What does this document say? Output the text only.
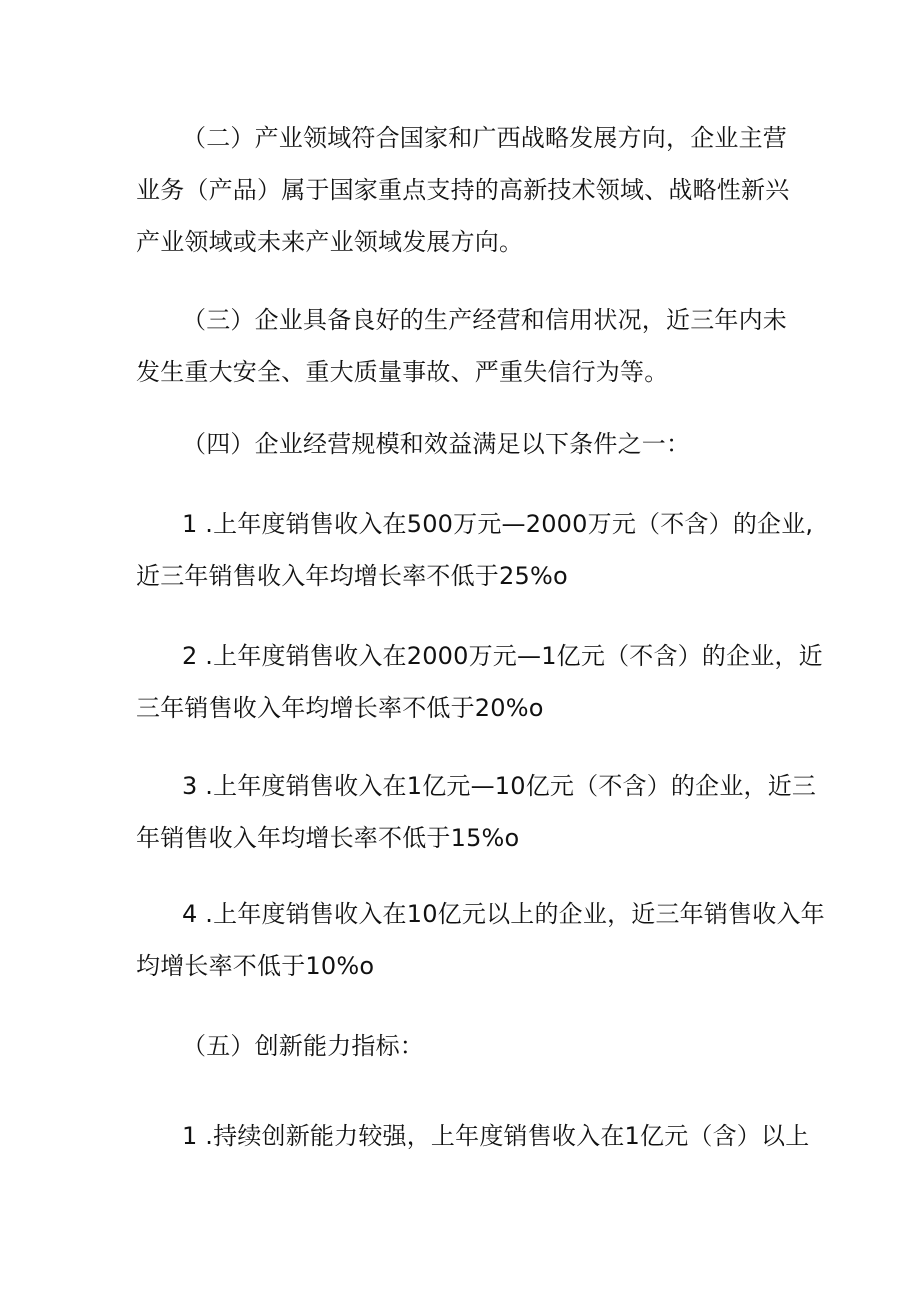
（二）产业领域符合国家和广西战略发展方向，企业主营
业务（产品）属于国家重点支持的高新技术领域、战略性新兴
产业领域或未来产业领域发展方向。

（三）企业具备良好的生产经营和信用状况，近三年内未
发生重大安全、重大质量事故、严重失信行为等。

（四）企业经营规模和效益满足以下条件之一：

1 .上年度销售收入在500万元—2000万元（不含）的企业,
近三年销售收入年均增长率不低于25%o

2 .上年度销售收入在2000万元—1亿元（不含）的企业，近
三年销售收入年均增长率不低于20%o

3 .上年度销售收入在1亿元—10亿元（不含）的企业，近三
年销售收入年均增长率不低于15%o

4 .上年度销售收入在10亿元以上的企业，近三年销售收入年
均增长率不低于10%o

（五）创新能力指标：

1 .持续创新能力较强，上年度销售收入在1亿元（含）以上
